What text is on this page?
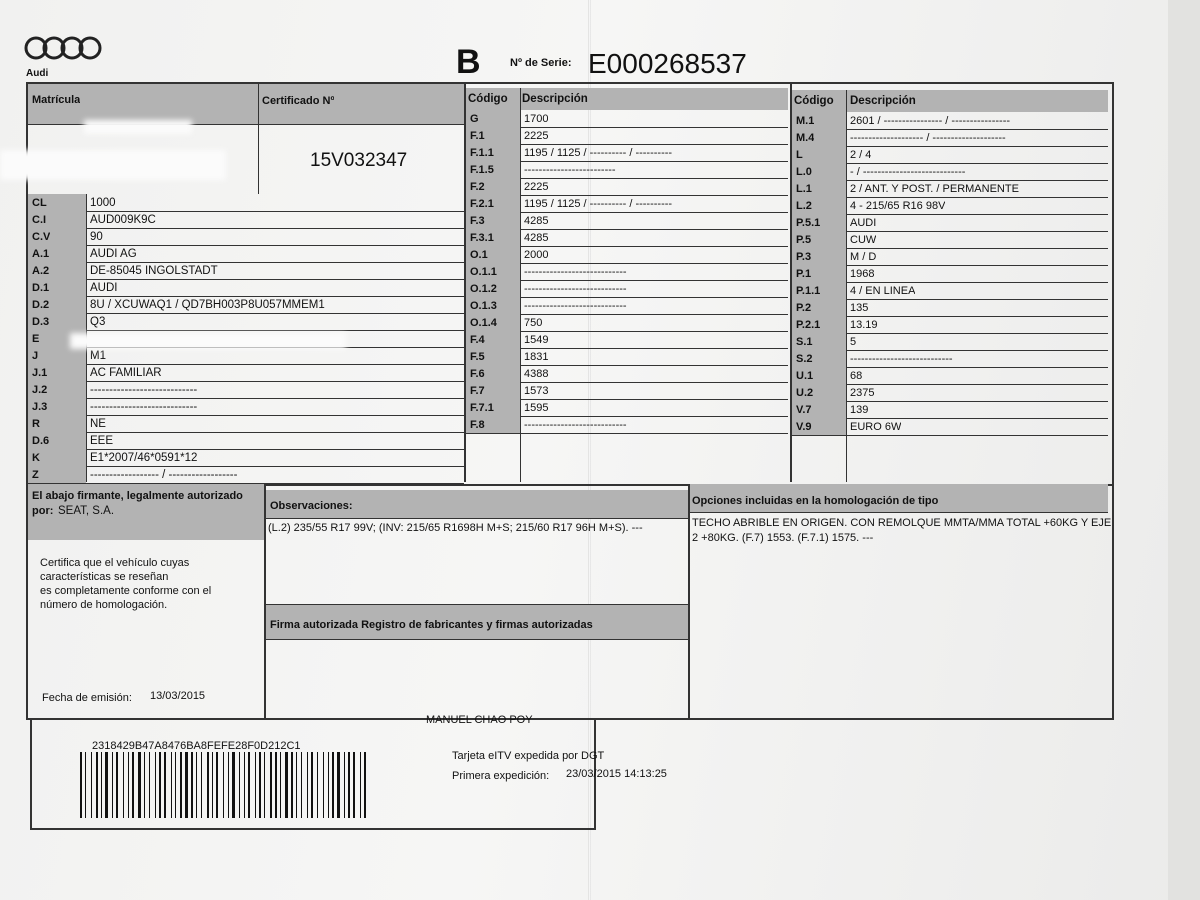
Audi	B	Nº de Serie: E000268537
Matrícula	Certificado Nº
15V032347
CL	1000
C.I	AUD009K9C
C.V	90
A.1	AUDI AG
A.2	DE-85045 INGOLSTADT
D.1	AUDI
D.2	8U / XCUWAQ1 / QD7BH003P8U057MMEM1
D.3	Q3
E
J	M1
J.1	AC FAMILIAR
J.2	----------------------------
J.3	----------------------------
R	NE
D.6	EEE
K	E1*2007/46*0591*12
Z	------------------ / ------------------
Código Descripción
G	1700
F.1	2225
F.1.1	1195 / 1125 / ---------- / ----------
F.1.5	-------------------------
F.2	2225
F.2.1	1195 / 1125 / ---------- / ----------
F.3	4285
F.3.1	4285
O.1	2000
O.1.1 ----------------------------
O.1.2 ----------------------------
O.1.3 ----------------------------
O.1.4 750
F.4	1549
F.5	1831
F.6	4388
F.7	1573
F.7.1	1595
F.8	----------------------------
Código Descripción
M.1	2601 / ---------------- / ----------------
M.4	-------------------- / --------------------
L	2 / 4
L.0	- / ----------------------------
L.1	2 / ANT. Y POST. / PERMANENTE
L.2	4 - 215/65 R16 98V
P.5.1	AUDI
P.5	CUW
P.3	M / D
P.1	1968
P.1.1	4 / EN LINEA
P.2	135
P.2.1	13.19
S.1	5
S.2	----------------------------
U.1	68
U.2	2375
V.7	139
V.9	EURO 6W
El abajo firmante, legalmente autorizado
por: SEAT, S.A.
Certifica que el vehículo cuyas
características se reseñan
es completamente conforme con el
número de homologación.
Fecha de emisión: 13/03/2015
Observaciones:
(L.2) 235/55 R17 99V; (INV: 215/65 R1698H M+S; 215/60 R17 96H M+S). ---
Firma autorizada Registro de fabricantes y firmas autorizadas
MANUEL CHAO POY
Opciones incluidas en la homologación de tipo
TECHO ABRIBLE EN ORIGEN. CON REMOLQUE MMTA/MMA TOTAL +60KG Y EJE
2 +80KG. (F.7) 1553. (F.7.1) 1575. ---
2318429B47A8476BA8FEFE28F0D212C1
Tarjeta eITV expedida por DGT
Primera expedición: 23/03/2015 14:13:25
